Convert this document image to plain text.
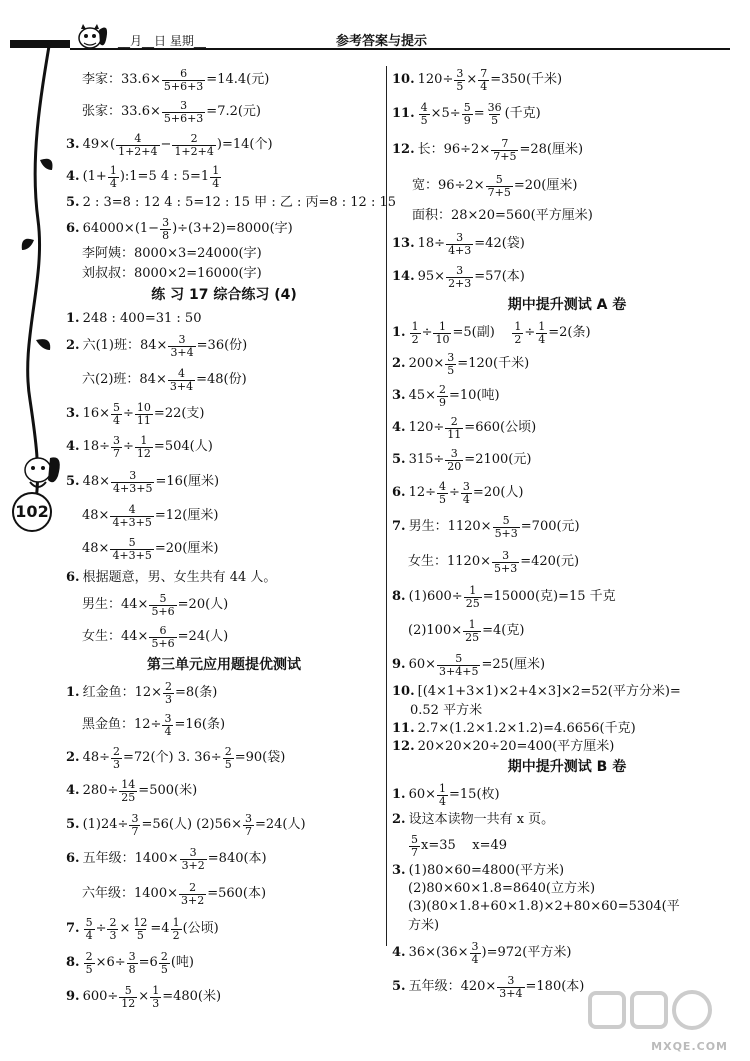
__月__日 星期__	参考答案与提示
102
李家： $33.6\times \frac{6}{5+6+3} =14.4$(元)
张家： $33.6\times \frac{3}{5+6+3} =7.2$(元)
3. $49\times( \frac{4}{1+2+4} - \frac{2}{1+2+4} )=14$(个)
4. ($1+ \frac{1}{4}$ ):1=5 4 : $5=1 \frac{1}{4}$
5. 2 : 3=8 : 12 4 : 5=12 : 15 甲 : 乙 : 丙=8 : 12 : 15
6. $64000\times(1- \frac{3}{8} )\div(3+2)=8000$(字)
李阿姨：8000×3=24000(字)
刘叔叔：8000×2=16000(字)
练 习 17 综合练习 (4)
1. 248 : 400=31 : 50
2. 六(1)班：$84\times \frac{3}{3+4} =36$(份)
六(2)班：$84\times \frac{4}{3+4} =48$(份)
3. $16\times \frac{5}{4} \div \frac{10}{11} =22$(支)
4. $18\div \frac{3}{7} \div \frac{1}{12} =504$(人)
5. $48\times \frac{3}{4+3+5} =16$(厘米)
$48\times \frac{4}{4+3+5} =12$(厘米)
$48\times \frac{5}{4+3+5} =20$(厘米)
6. 根据题意，男、女生共有 44 人。
男生：$44\times \frac{5}{5+6} =20$(人)
女生：$44\times \frac{6}{5+6} =24$(人)
第三单元应用题提优测试
1. 红金鱼：$12\times \frac{2}{3} =8$(条)
黑金鱼：$12\div \frac{3}{4} =16$(条)
2. $48\div \frac{2}{3} =72$(个) 3. $36\div \frac{2}{5} =90$(袋)
4. $280\div \frac{14}{25} =500$(米)
5. $(1)24\div \frac{3}{7} =56$(人) $(2)56\times \frac{3}{7} =24$(人)
6. 五年级：$1400\times \frac{3}{3+2} =840$(本)
六年级：$1400\times \frac{2}{3+2} =560$(本)
7. $\frac{5}{4} \div \frac{2}{3} \times \frac{12}{5} =4 \frac{1}{2}$ (公顷)
8. $\frac{2}{5} \times 6\div \frac{3}{8} =6 \frac{2}{5}$ (吨)
9. $600\div \frac{5}{12} \times \frac{1}{3} =480$(米)
10. $120\div \frac{3}{5} \times \frac{7}{4} =350$(千米)
11. $\frac{4}{5} \times 5\div \frac{5}{9} = \frac{36}{5}$ (千克)
12. 长：$96\div 2\times \frac{7}{7+5} =28$(厘米)
宽：$96\div 2\times \frac{5}{7+5} =20$(厘米)
面积：28×20=560(平方厘米)
13. $18\div \frac{3}{4+3} =42$(袋)
14. $95\times \frac{3}{2+3} =57$(本)
期中提升测试 A 卷
1. $\frac{1}{2} \div \frac{1}{10} =5$(副) $\frac{1}{2} \div \frac{1}{4} =2$(条)
2. $200\times \frac{3}{5} =120$(千米)
3. $45\times \frac{2}{9} =10$(吨)
4. $120\div \frac{2}{11} =660$(公顷)
5. $315\div \frac{3}{20} =2100$(元)
6. $12\div \frac{4}{5} \div \frac{3}{4} =20$(人)
7. 男生：$1120\times \frac{5}{5+3} =700$(元)
女生：$1120\times \frac{3}{5+3} =420$(元)
8. $(1)600\div \frac{1}{25} =15000$(克)=15 千克
$(2)100\times \frac{1}{25} =4$(克)
9. $60\times \frac{5}{3+4+5} =25$(厘米)
10. [(4×1+3×1)×2+4×3]×2=52(平方分米)=
0.52 平方米
11. 2.7×(1.2×1.2×1.2)=4.6656(千克)
12. 20×20×20÷20=400(平方厘米)
期中提升测试 B 卷
1. $60\times \frac{1}{4} =15$(枚)
2. 设这本读物一共有 x 页。
$\frac{5}{7} x=35$    x=49
3. (1)80×60=4800(平方米)
(2)80×60×1.8=8640(立方米)
(3)(80×1.8+60×1.8)×2+80×60=5304(平
方米)
4. $36\times(36\times \frac{3}{4} )=972$(平方米)
5. 五年级：$420\times \frac{3}{3+4} =180$(本)
MXQE.COM
